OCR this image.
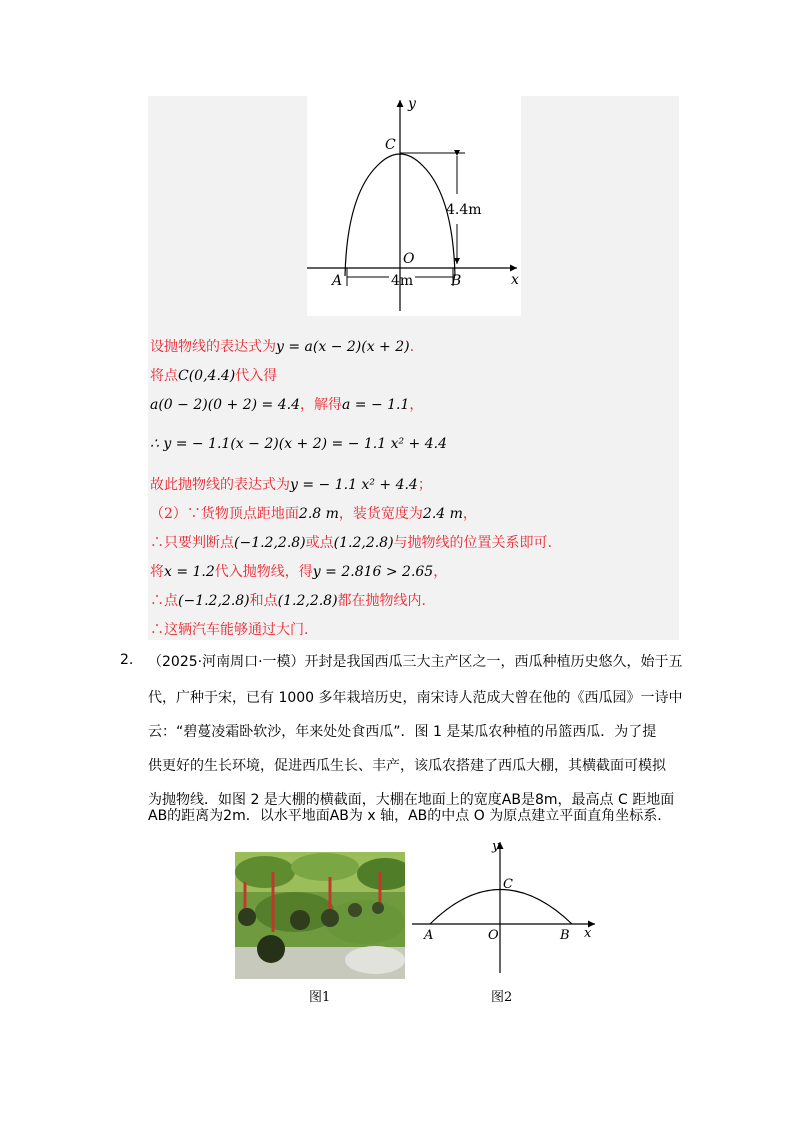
y
x
C
O
A	B
4.4m
4m
设抛物线的表达式为y = a(x − 2)(x + 2).
将点C(0,4.4)代入得
a(0 − 2)(0 + 2) = 4.4，解得a = − 1.1，
∴ y = − 1.1(x − 2)(x + 2) = − 1.1 x² + 4.4
故此抛物线的表达式为y = − 1.1 x² + 4.4；
（2）∵货物顶点距地面2.8 m，装货宽度为2.4 m，
∴只要判断点(−1.2,2.8)或点(1.2,2.8)与抛物线的位置关系即可.
将x = 1.2代入抛物线，得y = 2.816 > 2.65，
∴点(−1.2,2.8)和点(1.2,2.8)都在抛物线内.
∴这辆汽车能够通过大门.
2. （2025·河南周口·一模）开封是我国西瓜三大主产区之一，西瓜种植历史悠久，始于五
代，广种于宋，已有 1000 多年栽培历史，南宋诗人范成大曾在他的《西瓜园》一诗中
云：“碧蔓凌霜卧软沙，年来处处食西瓜”．图 1 是某瓜农种植的吊篮西瓜．为了提
供更好的生长环境，促进西瓜生长、丰产，该瓜农搭建了西瓜大棚，其横截面可模拟
为抛物线．如图 2 是大棚的横截面，大棚在地面上的宽度AB是8m，最高点 C 距地面
AB的距离为2m．以水平地面AB为 x 轴，AB的中点 O 为原点建立平面直角坐标系.
y
x
C
O
A	B
图1	图2
